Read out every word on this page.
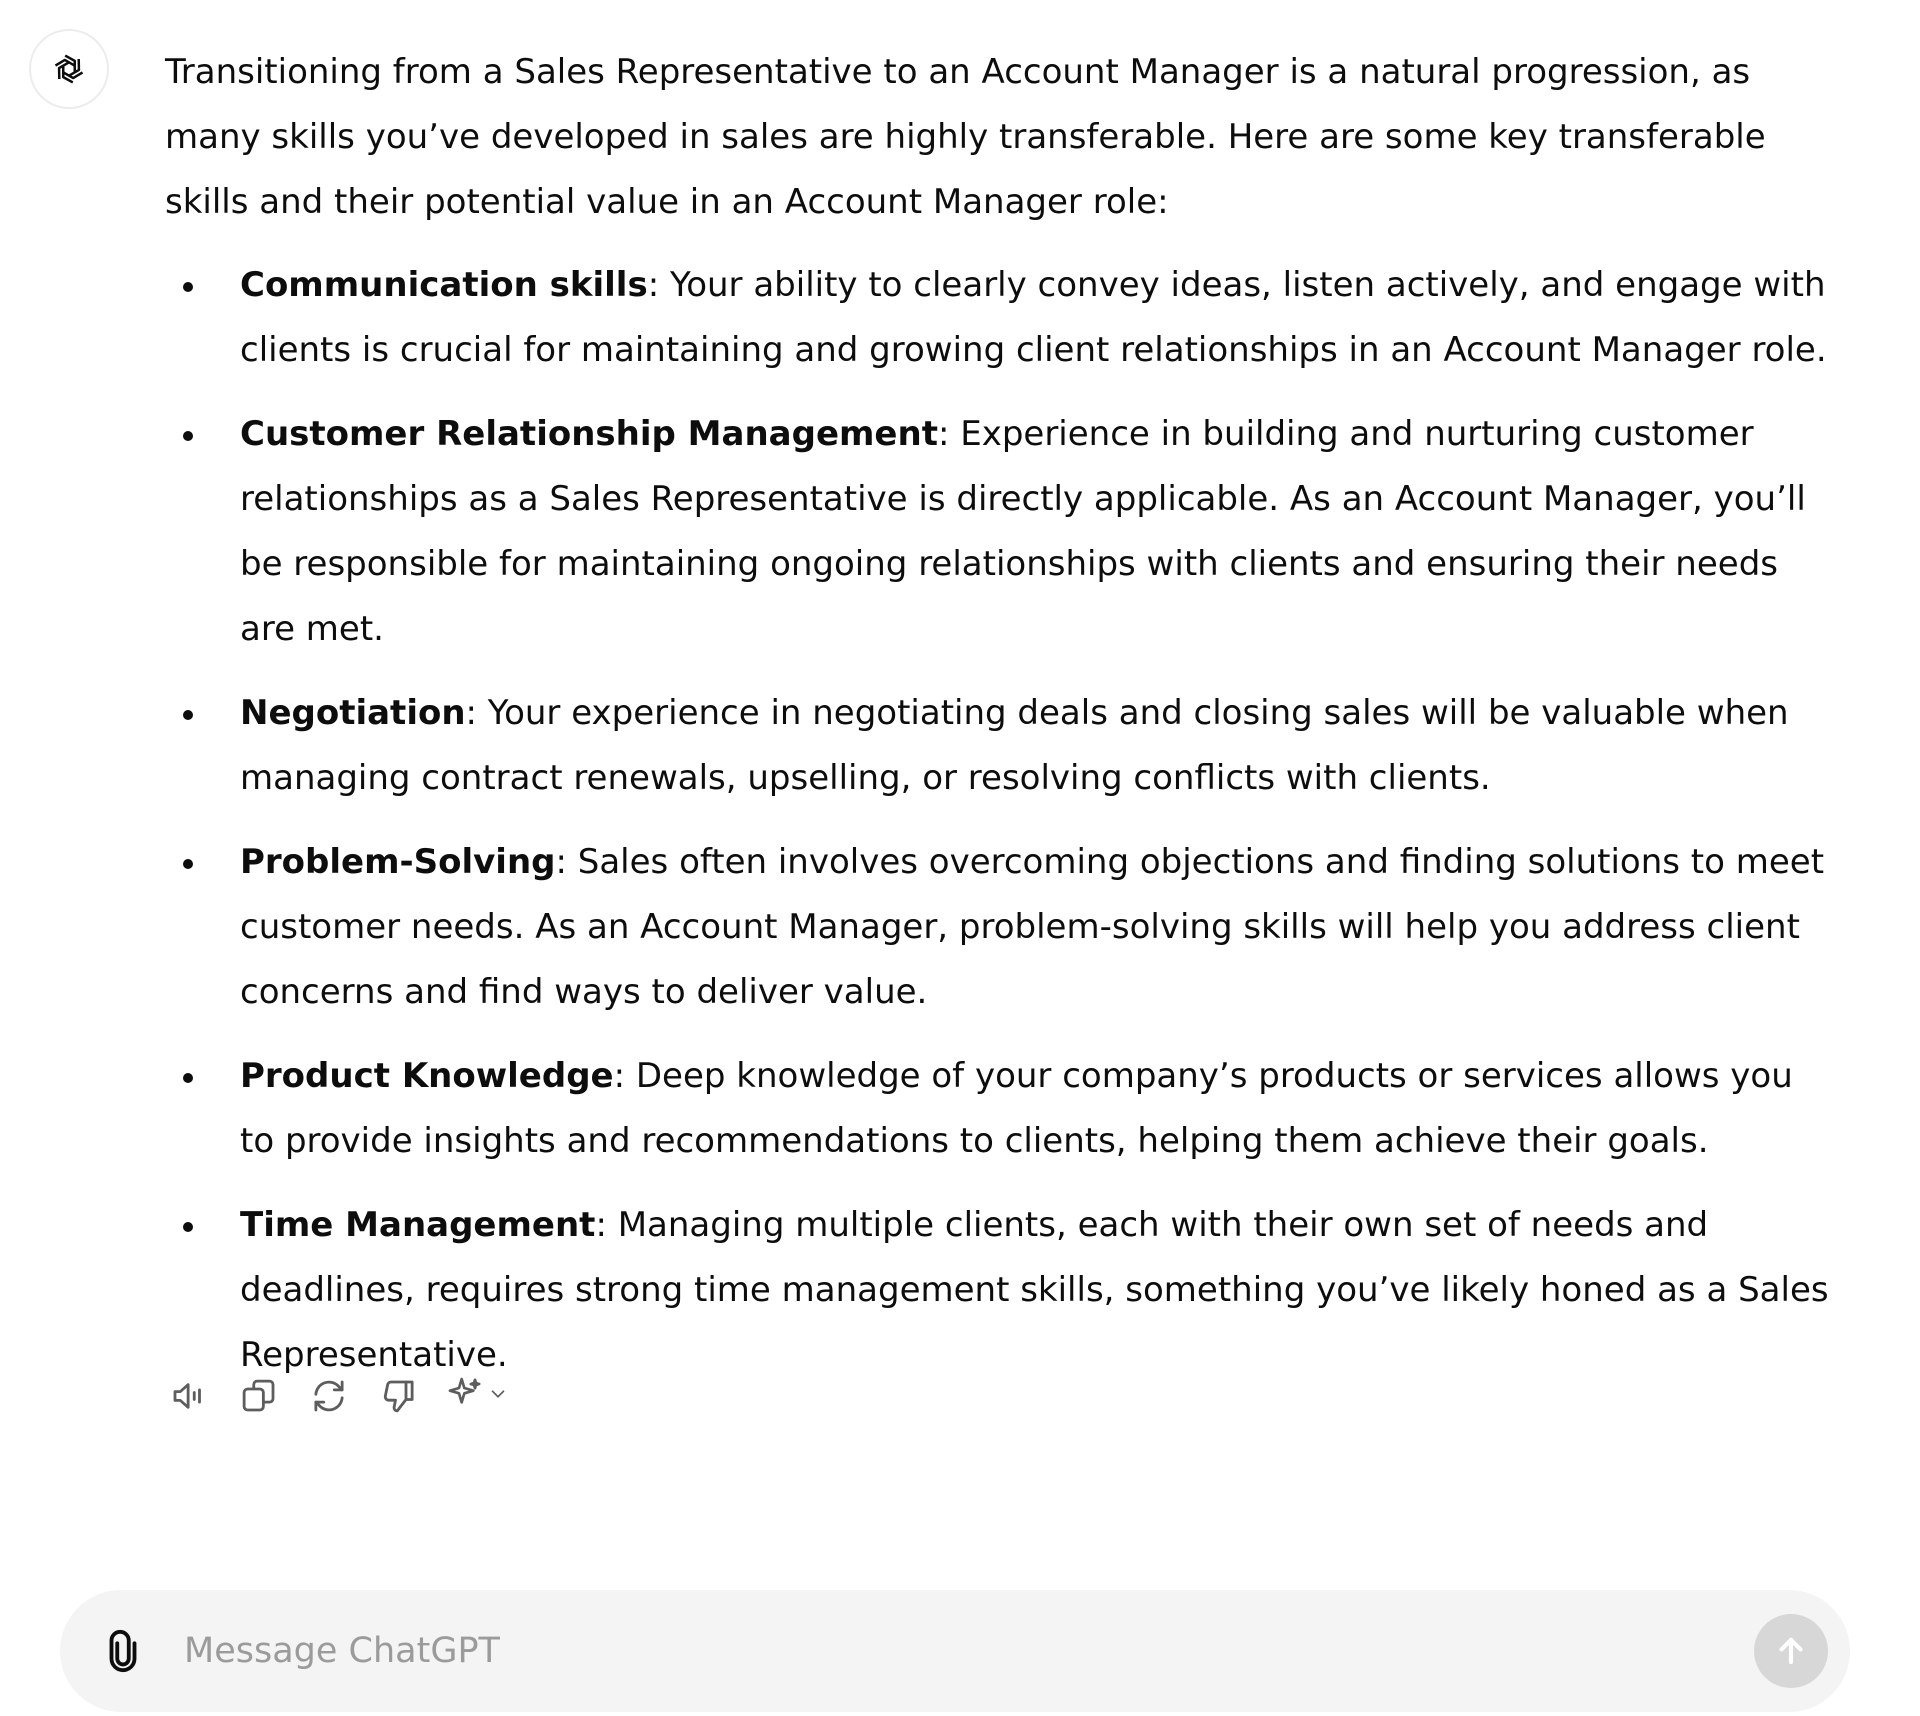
Transitioning from a Sales Representative to an Account Manager is a natural progression, as many skills you’ve developed in sales are highly transferable. Here are some key transferable skills and their potential value in an Account Manager role:

Communication skills: Your ability to clearly convey ideas, listen actively, and engage with clients is crucial for maintaining and growing client relationships in an Account Manager role.
Customer Relationship Management: Experience in building and nurturing customer relationships as a Sales Representative is directly applicable. As an Account Manager, you’ll be responsible for maintaining ongoing relationships with clients and ensuring their needs are met.
Negotiation: Your experience in negotiating deals and closing sales will be valuable when managing contract renewals, upselling, or resolving conflicts with clients.
Problem-Solving: Sales often involves overcoming objections and finding solutions to meet customer needs. As an Account Manager, problem-solving skills will help you address client concerns and find ways to deliver value.
Product Knowledge: Deep knowledge of your company’s products or services allows you to provide insights and recommendations to clients, helping them achieve their goals.
Time Management: Managing multiple clients, each with their own set of needs and deadlines, requires strong time management skills, something you’ve likely honed as a Sales Representative.
Message ChatGPT
